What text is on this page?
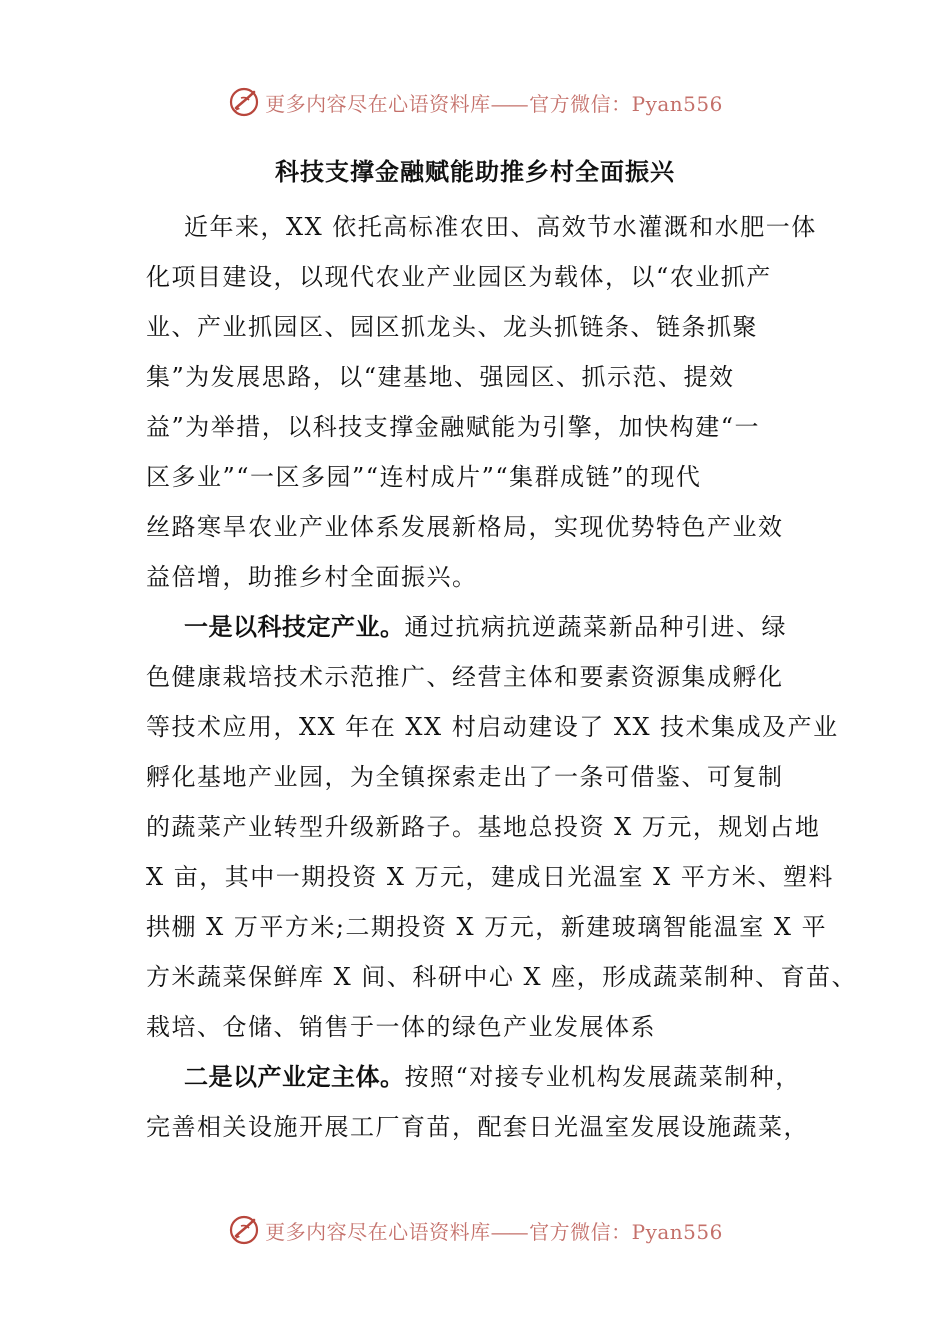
更多内容尽在心语资料库——官方微信：Pyan556
科技支撑金融赋能助推乡村全面振兴
近年来，XX 依托高标准农田、高效节水灌溉和水肥一体
化项目建设，以现代农业产业园区为载体，以“农业抓产
业、产业抓园区、园区抓龙头、龙头抓链条、链条抓聚
集”为发展思路，以“建基地、强园区、抓示范、提效
益”为举措，以科技支撑金融赋能为引擎，加快构建“一
区多业”“一区多园”“连村成片”“集群成链”的现代
丝路寒旱农业产业体系发展新格局，实现优势特色产业效
益倍增，助推乡村全面振兴。
一是以科技定产业。通过抗病抗逆蔬菜新品种引进、绿
色健康栽培技术示范推广、经营主体和要素资源集成孵化
等技术应用，XX 年在 XX 村启动建设了 XX 技术集成及产业
孵化基地产业园，为全镇探索走出了一条可借鉴、可复制
的蔬菜产业转型升级新路子。基地总投资 X 万元，规划占地
X 亩，其中一期投资 X 万元，建成日光温室 X 平方米、塑料
拱棚 X 万平方米;二期投资 X 万元，新建玻璃智能温室 X 平
方米蔬菜保鲜库 X 间、科研中心 X 座，形成蔬菜制种、育苗、
栽培、仓储、销售于一体的绿色产业发展体系
二是以产业定主体。按照“对接专业机构发展蔬菜制种，
完善相关设施开展工厂育苗，配套日光温室发展设施蔬菜，
更多内容尽在心语资料库——官方微信：Pyan556
